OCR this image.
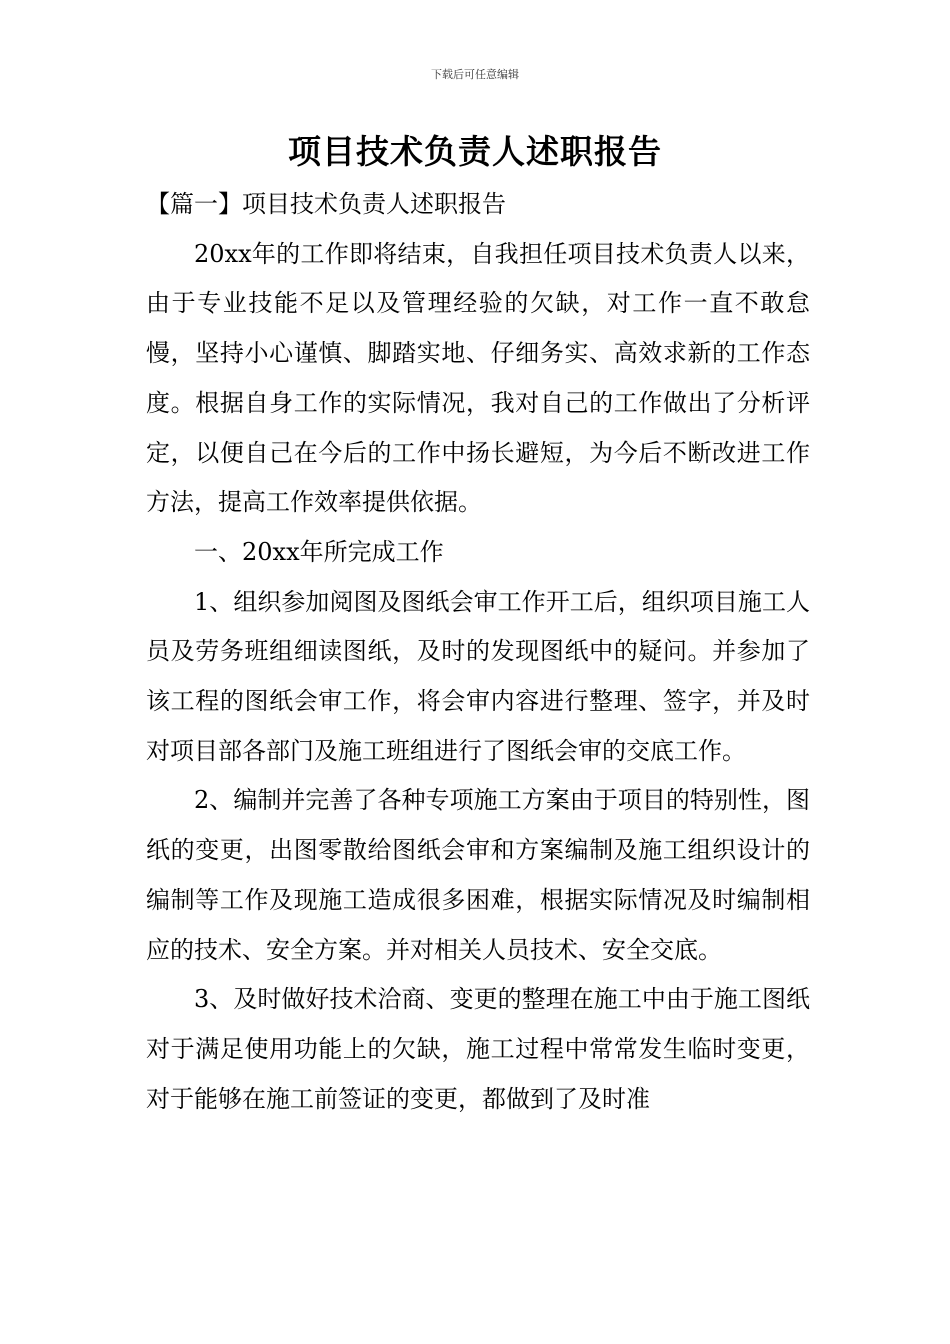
下载后可任意编辑
项目技术负责人述职报告

【篇一】项目技术负责人述职报告

20xx年的工作即将结束，自我担任项目技术负责人以来，由于专业技能不足以及管理经验的欠缺，对工作一直不敢怠慢，坚持小心谨慎、脚踏实地、仔细务实、高效求新的工作态度。根据自身工作的实际情况，我对自己的工作做出了分析评定，以便自己在今后的工作中扬长避短，为今后不断改进工作方法，提高工作效率提供依据。

一、20xx年所完成工作

1、组织参加阅图及图纸会审工作开工后，组织项目施工人员及劳务班组细读图纸，及时的发现图纸中的疑问。并参加了该工程的图纸会审工作，将会审内容进行整理、签字，并及时对项目部各部门及施工班组进行了图纸会审的交底工作。

2、编制并完善了各种专项施工方案由于项目的特别性，图纸的变更，出图零散给图纸会审和方案编制及施工组织设计的编制等工作及现施工造成很多困难，根据实际情况及时编制相应的技术、安全方案。并对相关人员技术、安全交底。

3、及时做好技术洽商、变更的整理在施工中由于施工图纸对于满足使用功能上的欠缺，施工过程中常常发生临时变更，对于能够在施工前签证的变更，都做到了及时准
